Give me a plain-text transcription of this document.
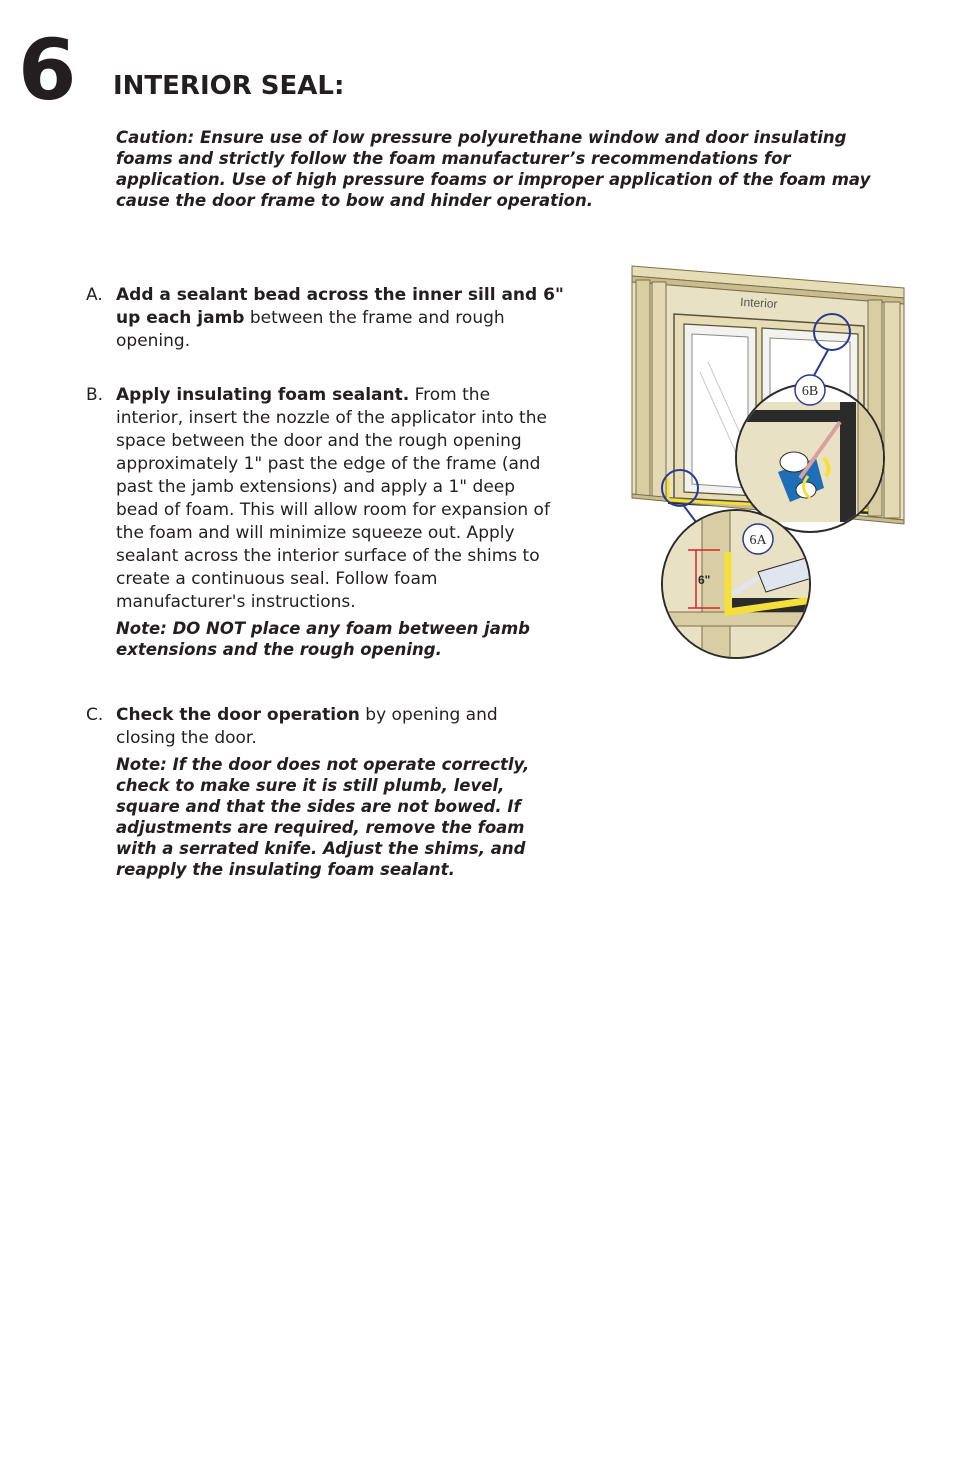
6 INTERIOR SEAL:
Caution: Ensure use of low pressure polyurethane window and door insulating foams and strictly follow the foam manufacturer’s recommendations for application. Use of high pressure foams or improper application of the foam may cause the door frame to bow and hinder operation.
A. Add a sealant bead across the inner sill and 6" up each jamb between the frame and rough opening.
B. Apply insulating foam sealant. From the interior, insert the nozzle of the applicator into the space between the door and the rough opening approximately 1" past the edge of the frame (and past the jamb extensions) and apply a 1" deep bead of foam. This will allow room for expansion of the foam and will minimize squeeze out. Apply sealant across the interior surface of the shims to create a continuous seal. Follow foam manufacturer's instructions.
Note: DO NOT place any foam between jamb extensions and the rough opening.
C. Check the door operation by opening and closing the door.
Note: If the door does not operate correctly, check to make sure it is still plumb, level, square and that the sides are not bowed. If adjustments are required, remove the foam with a serrated knife. Adjust the shims, and reapply the insulating foam sealant.
Interior
6B
6"
6A
